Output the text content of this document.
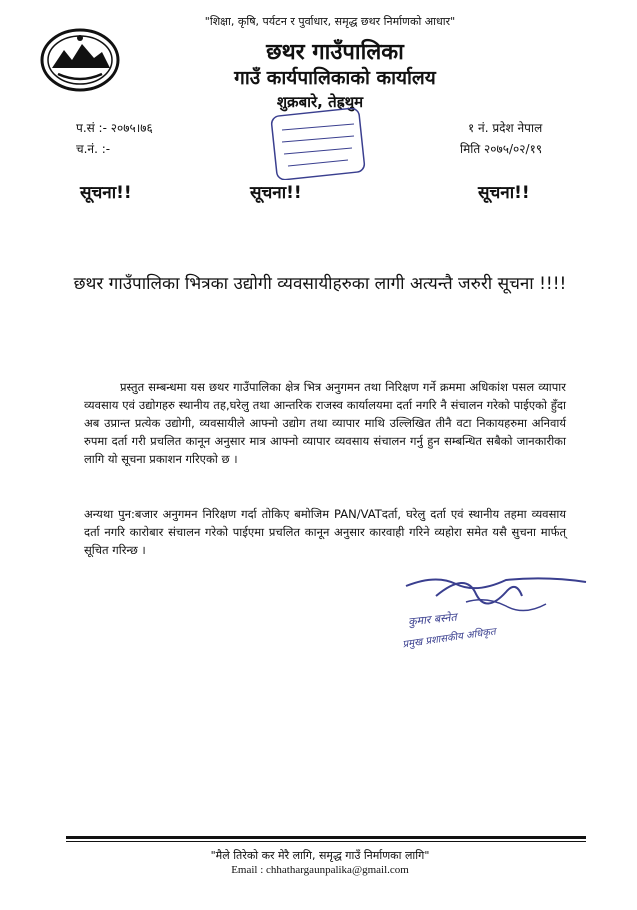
"शिक्षा, कृषि, पर्यटन र पुर्वाधार, समृद्ध छथर निर्माणको आधार"
छथर गाउँपालिका
गाउँ कार्यपालिकाको कार्यालय
शुक्रबारे, तेह्रथुम
प.सं :- २०७५।७६
च.नं. :-
१ नं. प्रदेश नेपाल
मिति २०७५/०२/१९
सूचना!!	सूचना!!	सूचना!!
छथर गाउँपालिका भित्रका उद्योगी व्यवसायीहरुका लागी अत्यन्तै जरुरी सूचना !!!!
प्रस्तुत सम्बन्धमा यस छथर गाउँपालिका क्षेत्र भित्र अनुगमन तथा निरिक्षण गर्ने क्रममा अधिकांश पसल व्यापार व्यवसाय एवं उद्योगहरु स्थानीय तह,घरेलु तथा आन्तरिक राजस्व कार्यालयमा दर्ता नगरि नै संचालन गरेको पाईएको हुँदा अब उप्रान्त प्रत्येक उद्योगी, व्यवसायीले आफ्नो उद्योग तथा व्यापार माथि उल्लिखित तीनै वटा निकायहरुमा अनिवार्य रुपमा दर्ता गरी प्रचलित कानून अनुसार मात्र आफ्नो व्यापार व्यवसाय संचालन गर्नु हुन सम्बन्धित सबैको जानकारीका लागि यो सूचना प्रकाशन गरिएको छ ।
अन्यथा पुन:बजार अनुगमन निरिक्षण गर्दा तोकिए बमोजिम PAN/VATदर्ता, घरेलु दर्ता एवं स्थानीय तहमा व्यवसाय दर्ता नगरि कारोबार संचालन गरेको पाईएमा प्रचलित कानून अनुसार कारवाही गरिने व्यहोरा समेत यसै सुचना मार्फत् सूचित गरिन्छ ।
कुमार बस्नेत
प्रमुख प्रशासकीय अधिकृत
"मैले तिरेको कर मेरै लागि, समृद्ध गाउँ निर्माणका लागि"
Email : chhathargaunpalika@gmail.com
